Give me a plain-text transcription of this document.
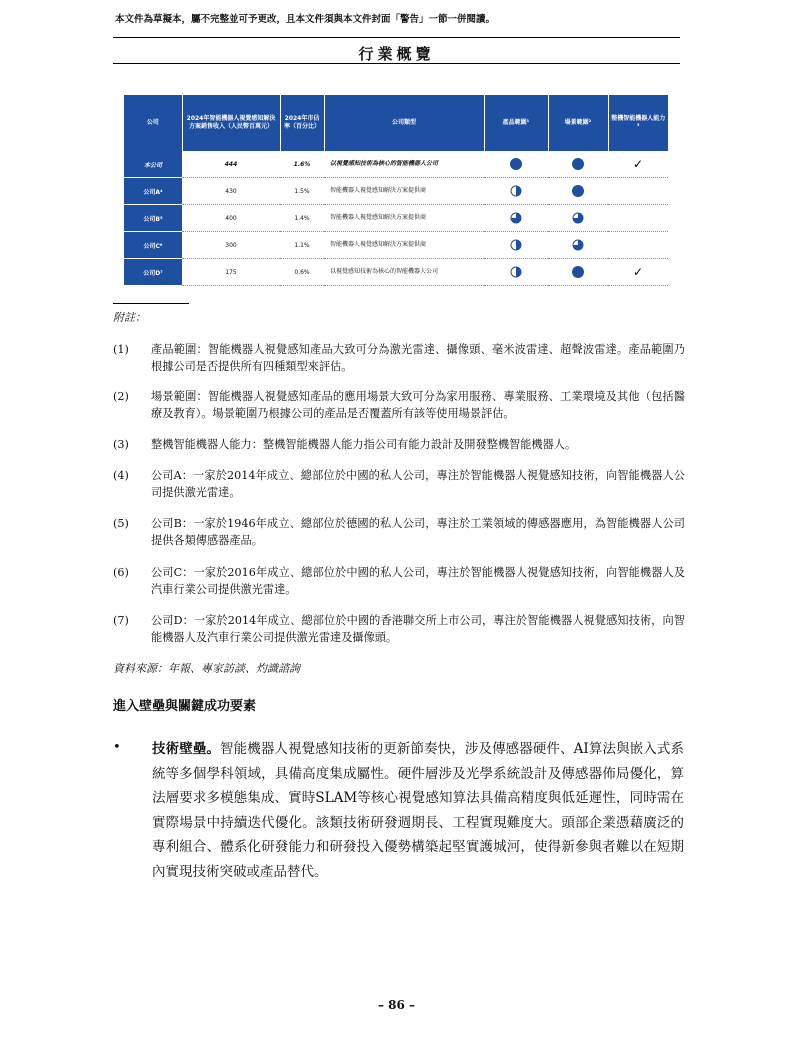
本文件為草擬本，屬不完整並可予更改，且本文件須與本文件封面「警告」一節一併閱讀。
行業概覽
公司	2024年智能機器人視覺感知解決方案銷售收入（人民幣百萬元）	2024年市佔率（百分比）	公司類型	產品範圍¹	場景範圍²	整機智能機器人能力³
本公司	444	1.6%	以視覺感知技術為核心的智能機器人公司			✓
公司A⁴	430	1.5%	智能機器人視覺感知解決方案提供商			
公司B⁵	400	1.4%	智能機器人視覺感知解決方案提供商			
公司C⁶	300	1.1%	智能機器人視覺感知解決方案提供商			
公司D⁷	175	0.6%	以視覺感知技術為核心的智能機器人公司			✓
附註：
(1) 產品範圍：智能機器人視覺感知產品大致可分為激光雷達、攝像頭、毫米波雷達、超聲波雷達。產品範圍乃根據公司是否提供所有四種類型來評估。
(2) 場景範圍：智能機器人視覺感知產品的應用場景大致可分為家用服務、專業服務、工業環境及其他（包括醫療及教育）。場景範圍乃根據公司的產品是否覆蓋所有該等使用場景評估。
(3) 整機智能機器人能力：整機智能機器人能力指公司有能力設計及開發整機智能機器人。
(4) 公司A：一家於2014年成立、總部位於中國的私人公司，專注於智能機器人視覺感知技術，向智能機器人公司提供激光雷達。
(5) 公司B：一家於1946年成立、總部位於德國的私人公司，專注於工業領域的傳感器應用，為智能機器人公司提供各類傳感器產品。
(6) 公司C：一家於2016年成立、總部位於中國的私人公司，專注於智能機器人視覺感知技術，向智能機器人及汽車行業公司提供激光雷達。
(7) 公司D：一家於2014年成立、總部位於中國的香港聯交所上市公司，專注於智能機器人視覺感知技術，向智能機器人及汽車行業公司提供激光雷達及攝像頭。
資料來源：年報、專家訪談、灼識諮詢
進入壁壘與關鍵成功要素
• 技術壁壘。智能機器人視覺感知技術的更新節奏快，涉及傳感器硬件、AI算法與嵌入式系統等多個學科領域，具備高度集成屬性。硬件層涉及光學系統設計及傳感器佈局優化，算法層要求多模態集成、實時SLAM等核心視覺感知算法具備高精度與低延遲性，同時需在實際場景中持續迭代優化。該類技術研發週期長、工程實現難度大。頭部企業憑藉廣泛的專利組合、體系化研發能力和研發投入優勢構築起堅實護城河，使得新參與者難以在短期內實現技術突破或產品替代。
– 86 –
